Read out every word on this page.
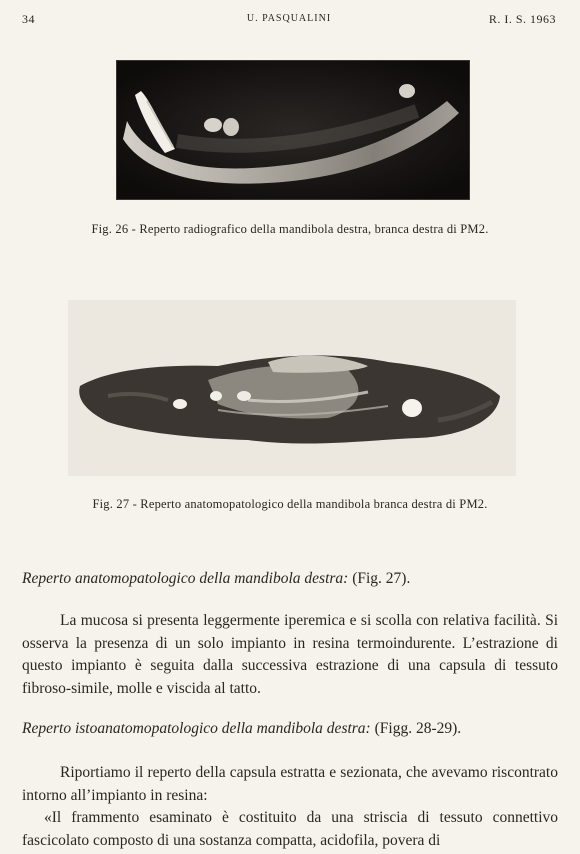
34	U. PASQUALINI	R. I. S. 1963
Fig. 26 - Reperto radiografico della mandibola destra, branca destra di PM2.
Fig. 27 - Reperto anatomopatologico della mandibola branca destra di PM2.
Reperto anatomopatologico della mandibola destra: (Fig. 27).
La mucosa si presenta leggermente iperemica e si scolla con relativa facilità. Si osserva la presenza di un solo impianto in resina termoindurente. L’estrazione di questo impianto è seguita dalla successiva estrazione di una capsula di tessuto fibroso-simile, molle e viscida al tatto.
Reperto istoanatomopatologico della mandibola destra: (Figg. 28-29).
Riportiamo il reperto della capsula estratta e sezionata, che avevamo riscontrato intorno all’impianto in resina:
«Il frammento esaminato è costituito da una striscia di tessuto connettivo fascicolato composto di una sostanza compatta, acidofila, povera di
